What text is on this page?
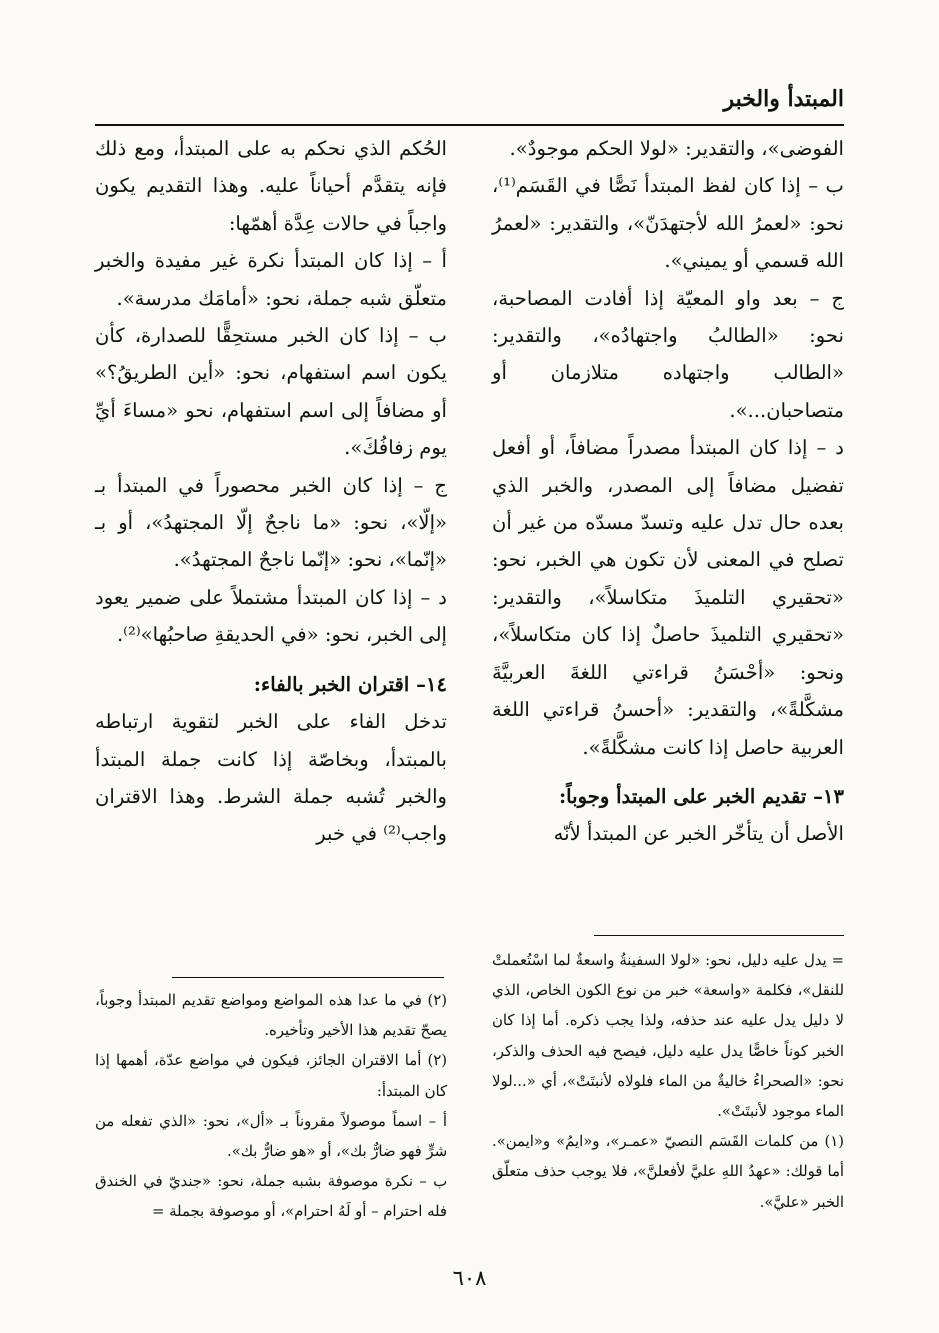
المبتدأ والخبر

الفوضى»، والتقدير: «لولا الحكم موجودٌ».

ب – إذا كان لفظ المبتدأ نَصًّا في القَسَم⁽¹⁾، نحو: «لعمرُ الله لأجتهدَنّ»، والتقدير: «لعمرُ الله قسمي أو يميني».

ج – بعد واو المعيّة إذا أفادت المصاحبة، نحو: «الطالبُ واجتهادُه»، والتقدير: «الطالب واجتهاده متلازمان أو متصاحبان...».

د – إذا كان المبتدأ مصدراً مضافاً، أو أفعل تفضيل مضافاً إلى المصدر، والخبر الذي بعده حال تدل عليه وتسدّ مسدّه من غير أن تصلح في المعنى لأن تكون هي الخبر، نحو: «تحقيري التلميذَ متكاسلاً»، والتقدير: «تحقيري التلميذَ حاصلٌ إذا كان متكاسلاً»، ونحو: «أحْسَنُ قراءتي اللغةَ العربيَّةَ مشكَّلةً»، والتقدير: «أحسنُ قراءتي اللغة العربية حاصل إذا كانت مشكَّلةً».

١٣– تقديم الخبر على المبتدأ وجوباً:

الأصل أن يتأخّر الخبر عن المبتدأ لأنّه

الحُكم الذي نحكم به على المبتدأ، ومع ذلك فإنه يتقدَّم أحياناً عليه. وهذا التقديم يكون واجباً في حالات عِدَّة أهمّها:

أ – إذا كان المبتدأ نكرة غير مفيدة والخبر متعلّق شبه جملة، نحو: «أمامَك مدرسة».

ب – إذا كان الخبر مستحِقًّا للصدارة، كأن يكون اسم استفهام، نحو: «أين الطريقُ؟» أو مضافاً إلى اسم استفهام، نحو «مساءَ أيِّ يوم زفافُكَ».

ج – إذا كان الخبر محصوراً في المبتدأ بـ «إلّا»، نحو: «ما ناجحٌ إلّا المجتهدُ»، أو بـ «إنّما»، نحو: «إنّما ناجحٌ المجتهدُ».

د – إذا كان المبتدأ مشتملاً على ضمير يعود إلى الخبر، نحو: «في الحديقةِ صاحبُها»⁽²⁾.

١٤– اقتران الخبر بالفاء:

تدخل الفاء على الخبر لتقوية ارتباطه بالمبتدأ، وبخاصّة إذا كانت جملة المبتدأ والخبر تُشبه جملة الشرط. وهذا الاقتران واجب⁽²⁾ في خبر

= يدل عليه دليل، نحو: «لولا السفينةُ واسعةٌ لما اسْتُعملتْ للنقل»، فكلمة «واسعة» خبر من نوع الكون الخاص، الذي لا دليل يدل عليه عند حذفه، ولذا يجب ذكره. أما إذا كان الخبر كوناً خاصًّا يدل عليه دليل، فيصح فيه الحذف والذكر، نحو: «الصحراءُ خاليةٌ من الماء فلولاه لأنبتَتْ»، أي «...لولا الماء موجود لأنبتَتْ».

(١) من كلمات القَسَم النصيّ «عمـر»، و«ايمُ» و«ايمن». أما قولك: «عهدُ اللهِ عليَّ لأفعلنَّ»، فلا يوجب حذف متعلّق الخبر «عليَّ».

(٢) في ما عدا هذه المواضع ومواضع تقديم المبتدأ وجوباً، يصحّ تقديم هذا الأخير وتأخيره.

(٢) أما الاقتران الجائز، فيكون في مواضع عدّة، أهمها إذا كان المبتدأ:

أ – اسماً موصولاً مقروناً بـ «أل»، نحو: «الذي تفعله من شرٍّ فهو ضارٌّ بك»، أو «هو ضارٌّ بك».

ب – نكرة موصوفة بشبه جملة، نحو: «جنديّ في الخندق فله احترام – أو لَهُ احترام»، أو موصوفة بجملة =

٦٠٨
